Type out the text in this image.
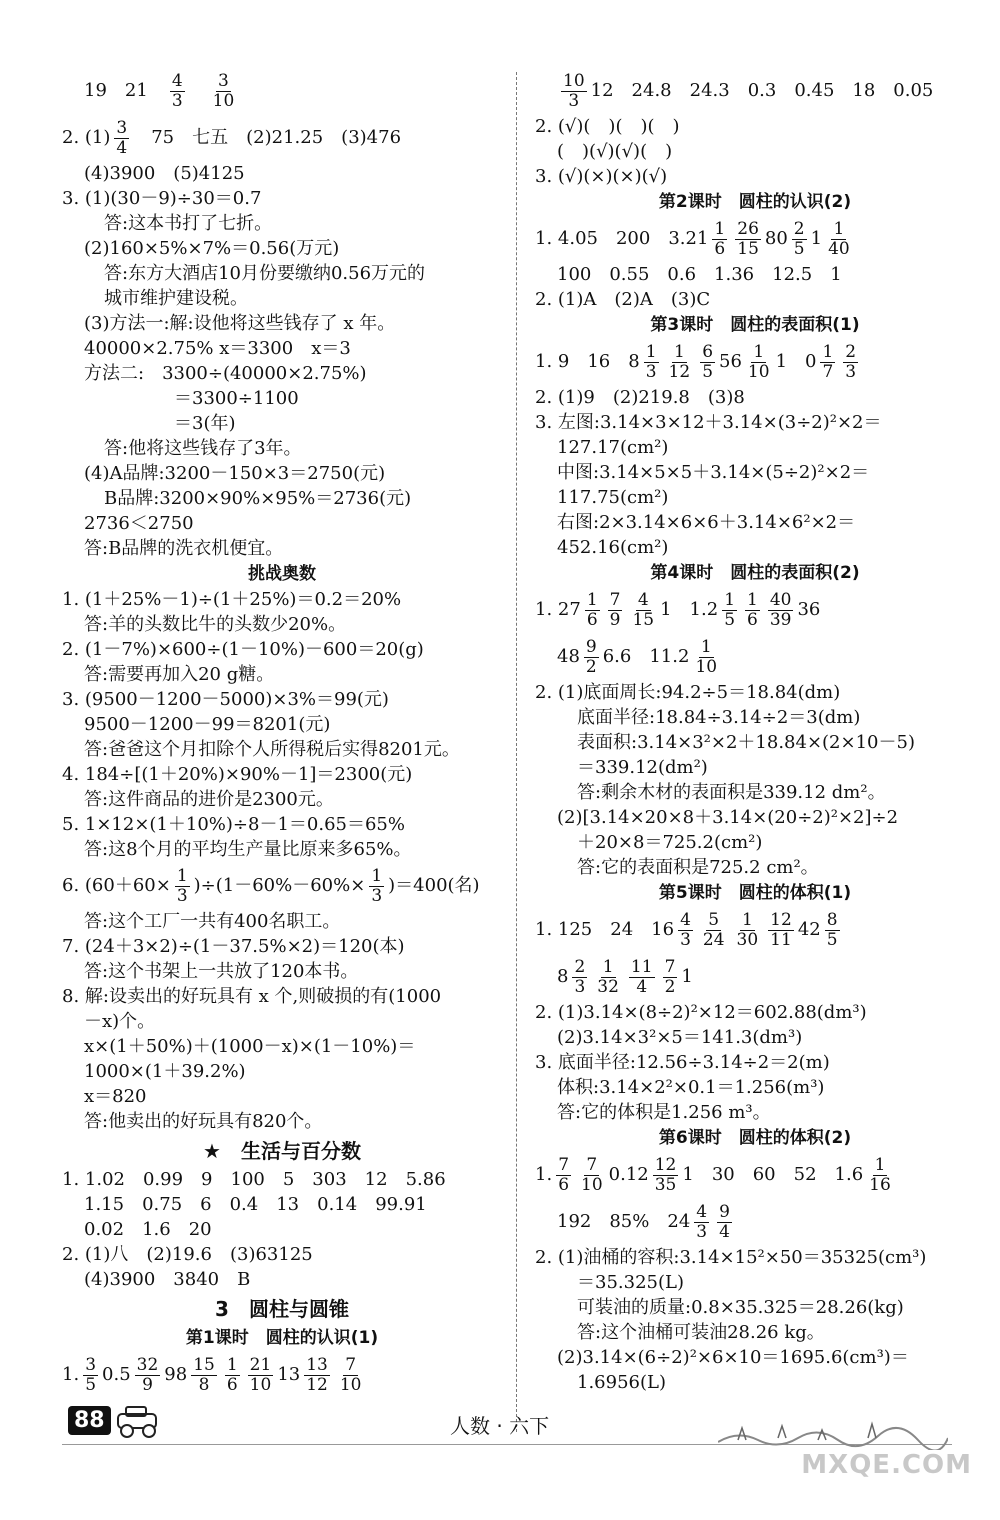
19　21　 $\frac{4}{3}$
　 $\frac{3}{10}$
2. $(1) \frac{3}{4}$ 　75　七五　(2)21.25　(3)476
(4)3900　(5)4125
3. (1)(30－9)÷30＝0.7
答:这本书打了七折。
(2)160×5%×7%＝0.56(万元)
答:东方大酒店10月份要缴纳0.56万元的
城市维护建设税。
(3)方法一:解:设他将这些钱存了 x 年。
40000×2.75% x＝3300　x＝3
方法二:　3300÷(40000×2.75%)
　　　　　＝3300÷1100
　　　　　＝3(年)
答:他将这些钱存了3年。
(4)A品牌:3200－150×3＝2750(元)
B品牌:3200×90%×95%＝2736(元)
2736＜2750
答:B品牌的洗衣机便宜。
挑战奥数
1. (1＋25%－1)÷(1＋25%)＝0.2＝20%
答:羊的头数比牛的头数少20%。
2. (1－7%)×600÷(1－10%)－600＝20(g)
答:需要再加入20 g糖。
3. (9500－1200－5000)×3%＝99(元)
9500－1200－99＝8201(元)
答:爸爸这个月扣除个人所得税后实得8201元。
4. 184÷[(1＋20%)×90%－1]＝2300(元)
答:这件商品的进价是2300元。
5. 1×12×(1＋10%)÷8－1＝0.65＝65%
答:这8个月的平均生产量比原来多65%。
6. $(60+60\times \frac{1}{3} )\div(1-60\%-60\%\times \frac{1}{3} )=400$(名)
答:这个工厂一共有400名职工。
7. (24＋3×2)÷(1－37.5%×2)＝120(本)
答:这个书架上一共放了120本书。
8. 解:设卖出的好玩具有 x 个,则破损的有(1000
－x)个。
x×(1＋50%)＋(1000－x)×(1－10%)＝
1000×(1＋39.2%)
x＝820
答:他卖出的好玩具有820个。
★　生活与百分数
1. 1.02　0.99　9　100　5　303　12　5.86
1.15　0.75　6　0.4　13　0.14　99.91
0.02　1.6　20
2. (1)八　(2)19.6　(3)63125
(4)3900　3840　B
3　圆柱与圆锥
第1课时　圆柱的认识(1)
1. $\frac{3}{5} 0.5 \frac{32}{9} 98 \frac{15}{8} \frac{1}{6} \frac{21}{10} 13 \frac{13}{12} \frac{7}{10}$
$\frac{10}{3} 12$　24.8　24.3　0.3　0.45　18　0.05
2. (√)(　)(　)(　)
(　)(√)(√)(　)
3. (√)(×)(×)(√)
第2课时　圆柱的认识(2)
1. 4.05　200　$3.21 \frac{1}{6} \frac{26}{15} 80 \frac{2}{5} 1 \frac{1}{40}$
100　0.55　0.6　1.36　12.5　1
2. (1)A　(2)A　(3)C
第3课时　圆柱的表面积(1)
1. 9　16　$8 \frac{1}{3} \frac{1}{12} \frac{6}{5} 56 \frac{1}{10} 1$　$0 \frac{1}{7} \frac{2}{3}$
2. (1)9　(2)219.8　(3)8
3. 左图:3.14×3×12＋3.14×(3÷2)²×2＝
127.17(cm²)
中图:3.14×5×5＋3.14×(5÷2)²×2＝
117.75(cm²)
右图:2×3.14×6×6＋3.14×6²×2＝
452.16(cm²)
第4课时　圆柱的表面积(2)
1. $27 \frac{1}{6} \frac{7}{9} \frac{4}{15} 1$　$1.2 \frac{1}{5} \frac{1}{6} \frac{40}{39} 36$
$48 \frac{9}{2} 6.6$　$11.2 \frac{1}{10}$
2. (1)底面周长:94.2÷5＝18.84(dm)
底面半径:18.84÷3.14÷2＝3(dm)
表面积:3.14×3²×2＋18.84×(2×10－5)
＝339.12(dm²)
答:剩余木材的表面积是339.12 dm²。
(2)[3.14×20×8＋3.14×(20÷2)²×2]÷2
＋20×8＝725.2(cm²)
答:它的表面积是725.2 cm²。
第5课时　圆柱的体积(1)
1. 125　24　$16 \frac{4}{3} \frac{5}{24} \frac{1}{30} \frac{12}{11} 42 \frac{8}{5}$
$8 \frac{2}{3} \frac{1}{32} \frac{11}{4} \frac{7}{2} 1$
2. (1)3.14×(8÷2)²×12＝602.88(dm³)
(2)3.14×3²×5＝141.3(dm³)
3. 底面半径:12.56÷3.14÷2＝2(m)
体积:3.14×2²×0.1＝1.256(m³)
答:它的体积是1.256 m³。
第6课时　圆柱的体积(2)
1. $\frac{7}{6} \frac{7}{10} 0.12 \frac{12}{35} 1$　30　60　52　$1.6 \frac{1}{16}$
192　85%　$24 \frac{4}{3} \frac{9}{4}$
2. (1)油桶的容积:3.14×15²×50＝35325(cm³)
＝35.325(L)
可装油的质量:0.8×35.325＝28.26(kg)
答:这个油桶可装油28.26 kg。
(2)3.14×(6÷2)²×6×10＝1695.6(cm³)＝
1.6956(L)
88	人数 · 六下
MXQE.COM
